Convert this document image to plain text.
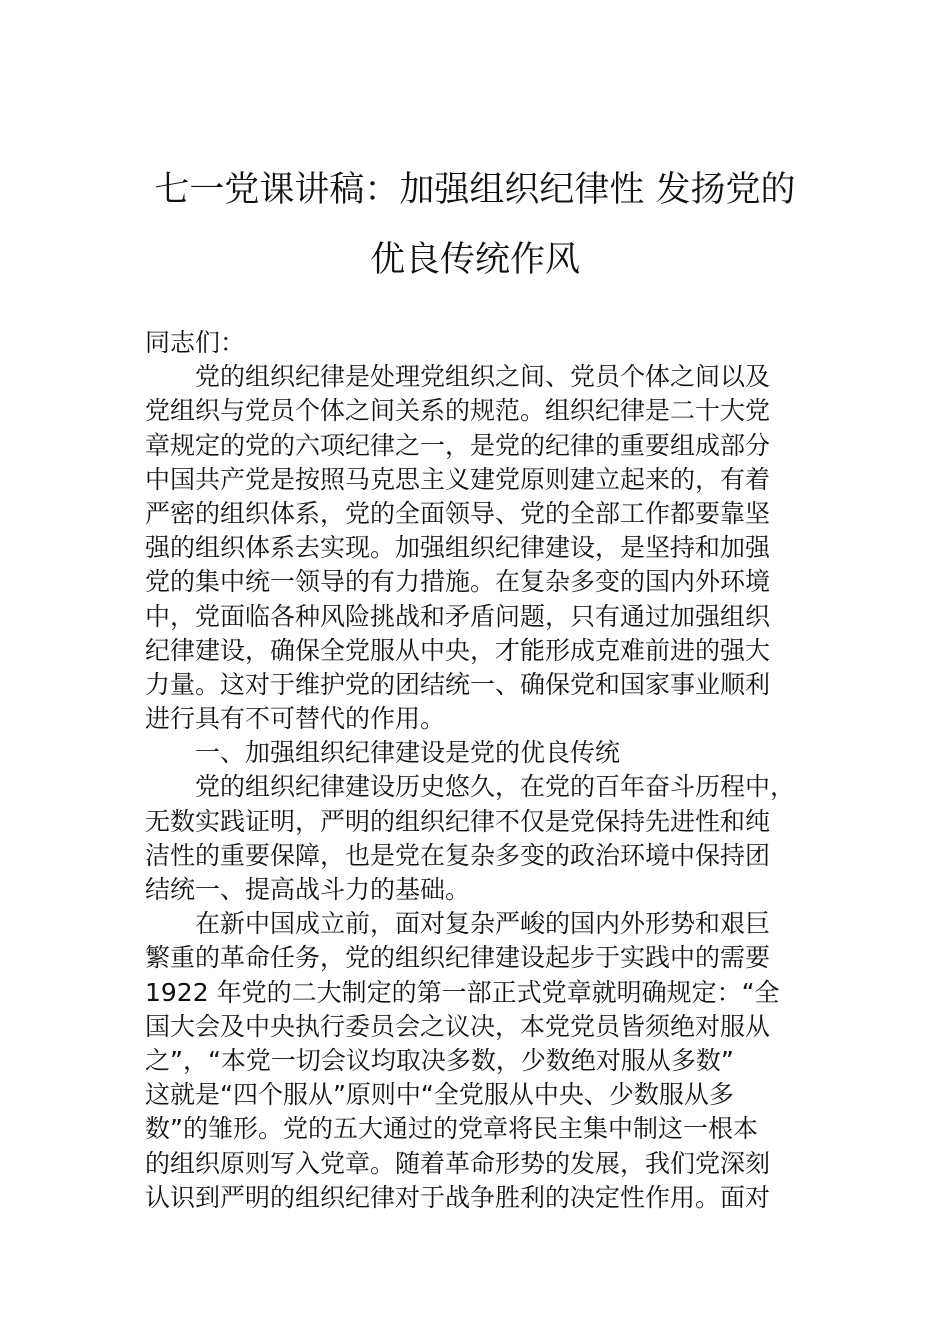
七一党课讲稿：加强组织纪律性 发扬党的
优良传统作风
同志们：
党的组织纪律是处理党组织之间、党员个体之间以及
党组织与党员个体之间关系的规范。组织纪律是二十大党
章规定的党的六项纪律之一，是党的纪律的重要组成部分
中国共产党是按照马克思主义建党原则建立起来的，有着
严密的组织体系，党的全面领导、党的全部工作都要靠坚
强的组织体系去实现。加强组织纪律建设，是坚持和加强
党的集中统一领导的有力措施。在复杂多变的国内外环境
中，党面临各种风险挑战和矛盾问题，只有通过加强组织
纪律建设，确保全党服从中央，才能形成克难前进的强大
力量。这对于维护党的团结统一、确保党和国家事业顺利
进行具有不可替代的作用。
一、加强组织纪律建设是党的优良传统
党的组织纪律建设历史悠久，在党的百年奋斗历程中，
无数实践证明，严明的组织纪律不仅是党保持先进性和纯
洁性的重要保障，也是党在复杂多变的政治环境中保持团
结统一、提高战斗力的基础。
在新中国成立前，面对复杂严峻的国内外形势和艰巨
繁重的革命任务，党的组织纪律建设起步于实践中的需要
1922 年党的二大制定的第一部正式党章就明确规定：“全
国大会及中央执行委员会之议决，本党党员皆须绝对服从
之”，“本党一切会议均取决多数，少数绝对服从多数”
这就是“四个服从”原则中“全党服从中央、少数服从多
数”的雏形。党的五大通过的党章将民主集中制这一根本
的组织原则写入党章。随着革命形势的发展，我们党深刻
认识到严明的组织纪律对于战争胜利的决定性作用。面对
